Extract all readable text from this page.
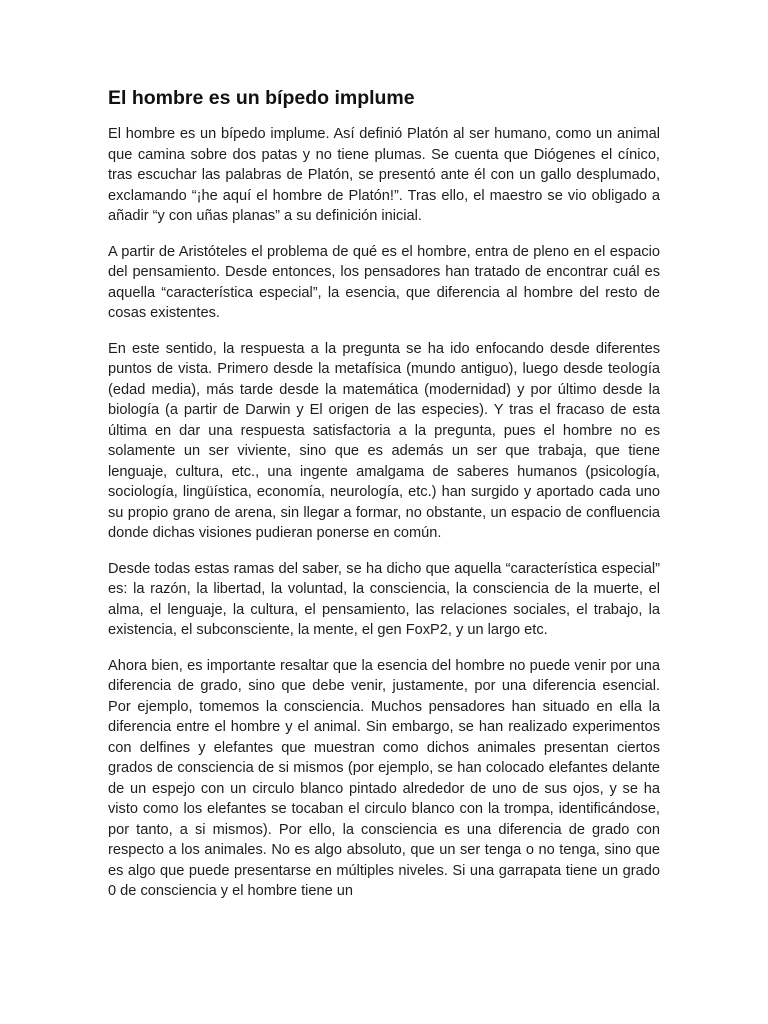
El hombre es un bípedo implume

El hombre es un bípedo implume. Así definió Platón al ser humano, como un animal que camina sobre dos patas y no tiene plumas. Se cuenta que Diógenes el cínico, tras escuchar las palabras de Platón, se presentó ante él con un gallo desplumado, exclamando “¡he aquí el hombre de Platón!”. Tras ello, el maestro se vio obligado a añadir “y con uñas planas” a su definición inicial.

A partir de Aristóteles el problema de qué es el hombre, entra de pleno en el espacio del pensamiento. Desde entonces, los pensadores han tratado de encontrar cuál es aquella “característica especial”, la esencia, que diferencia al hombre del resto de cosas existentes.

En este sentido, la respuesta a la pregunta se ha ido enfocando desde diferentes puntos de vista. Primero desde la metafísica (mundo antiguo), luego desde teología (edad media), más tarde desde la matemática (modernidad) y por último desde la biología (a partir de Darwin y El origen de las especies). Y tras el fracaso de esta última en dar una respuesta satisfactoria a la pregunta, pues el hombre no es solamente un ser viviente, sino que es además un ser que trabaja, que tiene lenguaje, cultura, etc., una ingente amalgama de saberes humanos (psicología, sociología, lingüística, economía, neurología, etc.) han surgido y aportado cada uno su propio grano de arena, sin llegar a formar, no obstante, un espacio de confluencia donde dichas visiones pudieran ponerse en común.

Desde todas estas ramas del saber, se ha dicho que aquella “característica especial” es: la razón, la libertad, la voluntad, la consciencia, la consciencia de la muerte, el alma, el lenguaje, la cultura, el pensamiento, las relaciones sociales, el trabajo, la existencia, el subconsciente, la mente, el gen FoxP2, y un largo etc.

Ahora bien, es importante resaltar que la esencia del hombre no puede venir por una diferencia de grado, sino que debe venir, justamente, por una diferencia esencial. Por ejemplo, tomemos la consciencia. Muchos pensadores han situado en ella la diferencia entre el hombre y el animal. Sin embargo, se han realizado experimentos con delfines y elefantes que muestran como dichos animales presentan ciertos grados de consciencia de si mismos (por ejemplo, se han colocado elefantes delante de un espejo con un circulo blanco pintado alrededor de uno de sus ojos, y se ha visto como los elefantes se tocaban el circulo blanco con la trompa, identificándose, por tanto, a si mismos). Por ello, la consciencia es una diferencia de grado con respecto a los animales. No es algo absoluto, que un ser tenga o no tenga, sino que es algo que puede presentarse en múltiples niveles. Si una garrapata tiene un grado 0 de consciencia y el hombre tiene un
